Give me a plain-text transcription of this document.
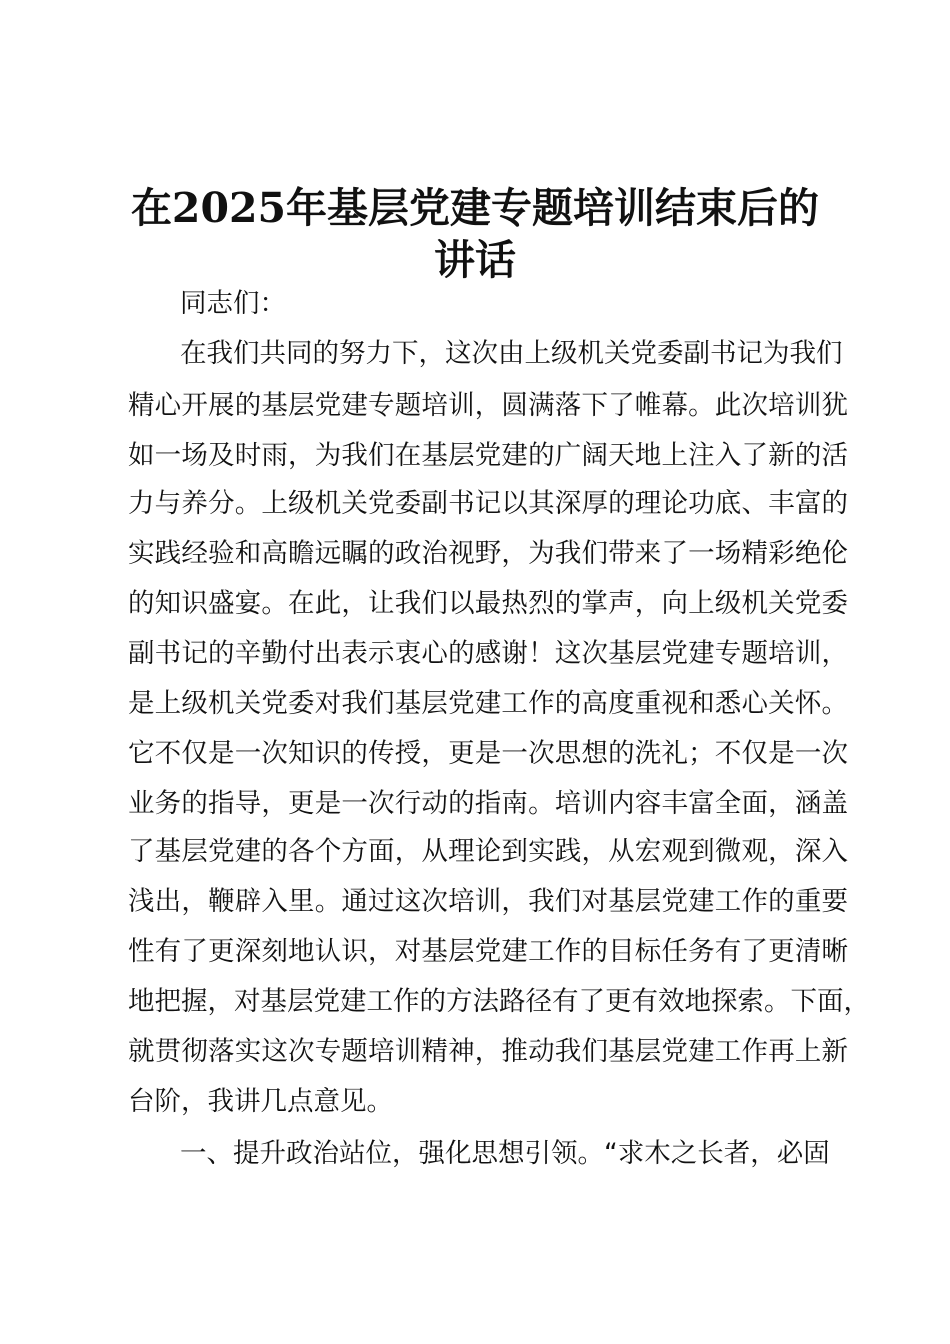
在2025年基层党建专题培训结束后的
讲话
同志们：
在我们共同的努力下，这次由上级机关党委副书记为我们
精心开展的基层党建专题培训，圆满落下了帷幕。此次培训犹
如一场及时雨，为我们在基层党建的广阔天地上注入了新的活
力与养分。上级机关党委副书记以其深厚的理论功底、丰富的
实践经验和高瞻远瞩的政治视野，为我们带来了一场精彩绝伦
的知识盛宴。在此，让我们以最热烈的掌声，向上级机关党委
副书记的辛勤付出表示衷心的感谢！这次基层党建专题培训，
是上级机关党委对我们基层党建工作的高度重视和悉心关怀。
它不仅是一次知识的传授，更是一次思想的洗礼；不仅是一次
业务的指导，更是一次行动的指南。培训内容丰富全面，涵盖
了基层党建的各个方面，从理论到实践，从宏观到微观，深入
浅出，鞭辟入里。通过这次培训，我们对基层党建工作的重要
性有了更深刻地认识，对基层党建工作的目标任务有了更清晰
地把握，对基层党建工作的方法路径有了更有效地探索。下面，
就贯彻落实这次专题培训精神，推动我们基层党建工作再上新
台阶，我讲几点意见。
一、提升政治站位，强化思想引领。“求木之长者，必固
